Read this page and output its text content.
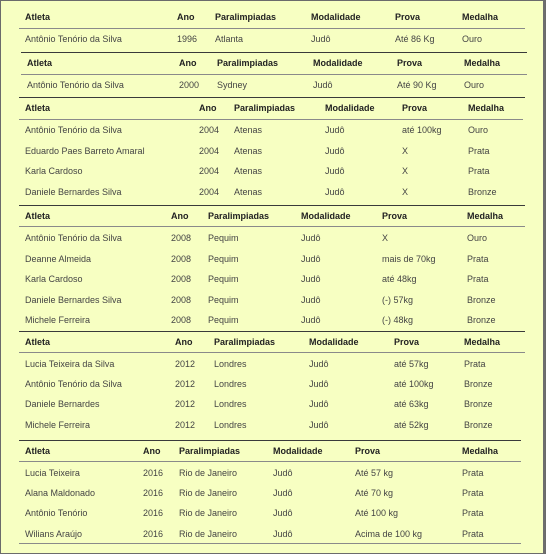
Atleta	Ano Paralimpiadas	Modalidade	Prova	Medalha
Antônio Tenório da Silva	1996 Atlanta	Judô	Até 86 Kg	Ouro
Atleta	Ano Paralimpiadas	Modalidade	Prova	Medalha
Antônio Tenório da Silva	2000 Sydney	Judô	Até 90 Kg	Ouro
Atleta	Ano Paralimpiadas	Modalidade	Prova	Medalha
Antônio Tenório da Silva	2004 Atenas	Judô	até 100kg	Ouro
Eduardo Paes Barreto Amaral	2004 Atenas	Judô	X	Prata
Karla Cardoso	2004 Atenas	Judô	X	Prata
Daniele Bernardes Silva	2004 Atenas	Judô	X	Bronze
Atleta	Ano Paralimpiadas	Modalidade	Prova	Medalha
Antônio Tenório da Silva	2008 Pequim	Judô	X	Ouro
Deanne Almeida	2008 Pequim	Judô	mais de 70kg	Prata
Karla Cardoso	2008 Pequim	Judô	até 48kg	Prata
Daniele Bernardes Silva	2008 Pequim	Judô	(-) 57kg	Bronze
Michele Ferreira	2008 Pequim	Judô	(-) 48kg	Bronze
Atleta	Ano Paralimpiadas	Modalidade	Prova	Medalha
Lucia Teixeira da Silva	2012 Londres	Judô	até 57kg	Prata
Antônio Tenório da Silva	2012 Londres	Judô	até 100kg	Bronze
Daniele Bernardes	2012 Londres	Judô	até 63kg	Bronze
Michele Ferreira	2012 Londres	Judô	até 52kg	Bronze
Atleta	Ano Paralimpiadas	Modalidade	Prova	Medalha
Lucia Teixeira	2016 Rio de Janeiro	Judô	Até 57 kg	Prata
Alana Maldonado	2016 Rio de Janeiro	Judô	Até 70 kg	Prata
Antônio Tenório	2016 Rio de Janeiro	Judô	Até 100 kg	Prata
Wilians Araújo	2016 Rio de Janeiro	Judô	Acima de 100 kg	Prata
